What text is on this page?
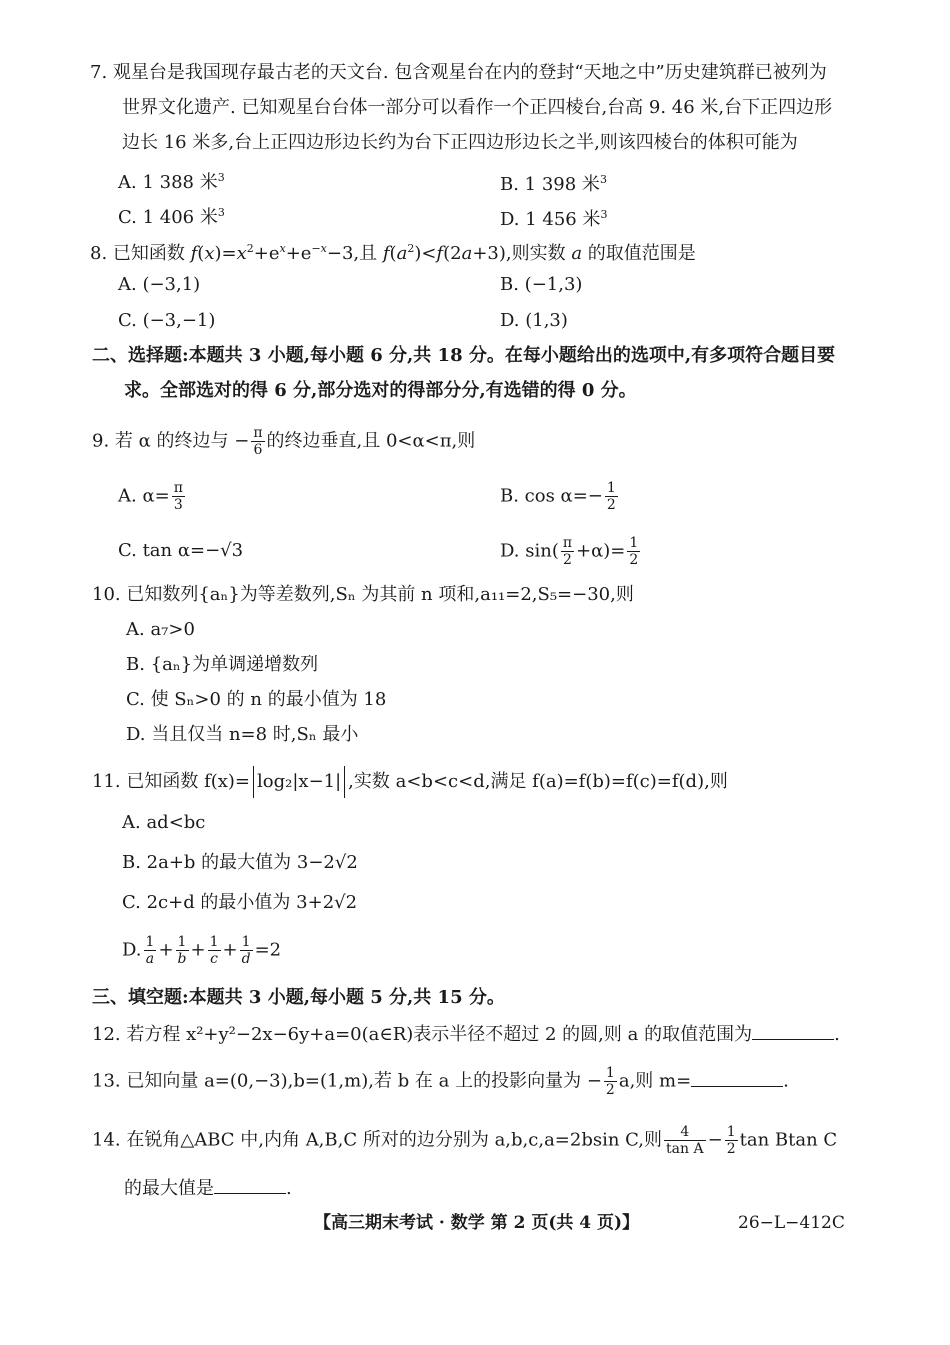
7. 观星台是我国现存最古老的天文台. 包含观星台在内的登封“天地之中”历史建筑群已被列为
世界文化遗产. 已知观星台台体一部分可以看作一个正四棱台,台高 9. 46 米,台下正四边形
边长 16 米多,台上正四边形边长约为台下正四边形边长之半,则该四棱台的体积可能为
A. 1 388 米$^3$	B. 1 398 米$^3$
C. 1 406 米$^3$	D. 1 456 米$^3$
8. 已知函数 $f(x)=x^2+e^x+e^{-x}-3$,且 $f(a^2)<f(2a+3)$,则实数 a 的取值范围是
A. (−3,1)	B. (−1,3)
C. (−3,−1)	D. (1,3)
二、选择题:本题共 3 小题,每小题 6 分,共 18 分。在每小题给出的选项中,有多项符合题目要
求。全部选对的得 6 分,部分选对的得部分分,有选错的得 0 分。
9. 若 α 的终边与 − $\frac{\pi}{6}$ 的终边垂直,且 0<α<π,则
A. $\alpha= \frac{\pi}{3}$	B. $\cos \alpha=- \frac{1}{2}$
C. tan α=−√3	D. $\sin( \frac{\pi}{2} +\alpha)= \frac{1}{2}$
10. 已知数列{aₙ}为等差数列,Sₙ 为其前 n 项和,a₁₁=2,S₅=−30,则
A. a₇>0
B. {aₙ}为单调递增数列
C. 使 Sₙ>0 的 n 的最小值为 18
D. 当且仅当 n=8 时,Sₙ 最小
11. 已知函数 f(x)= log₂|x−1| ,实数 a<b<c<d,满足 f(a)=f(b)=f(c)=f(d),则
A. ad<bc
B. 2a+b 的最大值为 3−2√2
C. 2c+d 的最小值为 3+2√2
D. $\frac{1}{a} + \frac{1}{b} + \frac{1}{c} + \frac{1}{d} =2$
三、填空题:本题共 3 小题,每小题 5 分,共 15 分。
12. 若方程 x²+y²−2x−6y+a=0(a∈R)表示半径不超过 2 的圆,则 a 的取值范围为	.
13. 已知向量 a=(0,−3),b=(1,m),若 b 在 a 上的投影向量为 − $\frac{1}{2} a$,则 m=	.
14. 在锐角△ABC 中,内角 A,B,C 所对的边分别为 a,b,c,a=2bsin C,则 $\frac{4}{\text{tan A}} - \frac{1}{2}$ tan Btan C
的最大值是	.
【高三期末考试 · 数学 第 2 页(共 4 页)】	26−L−412C
